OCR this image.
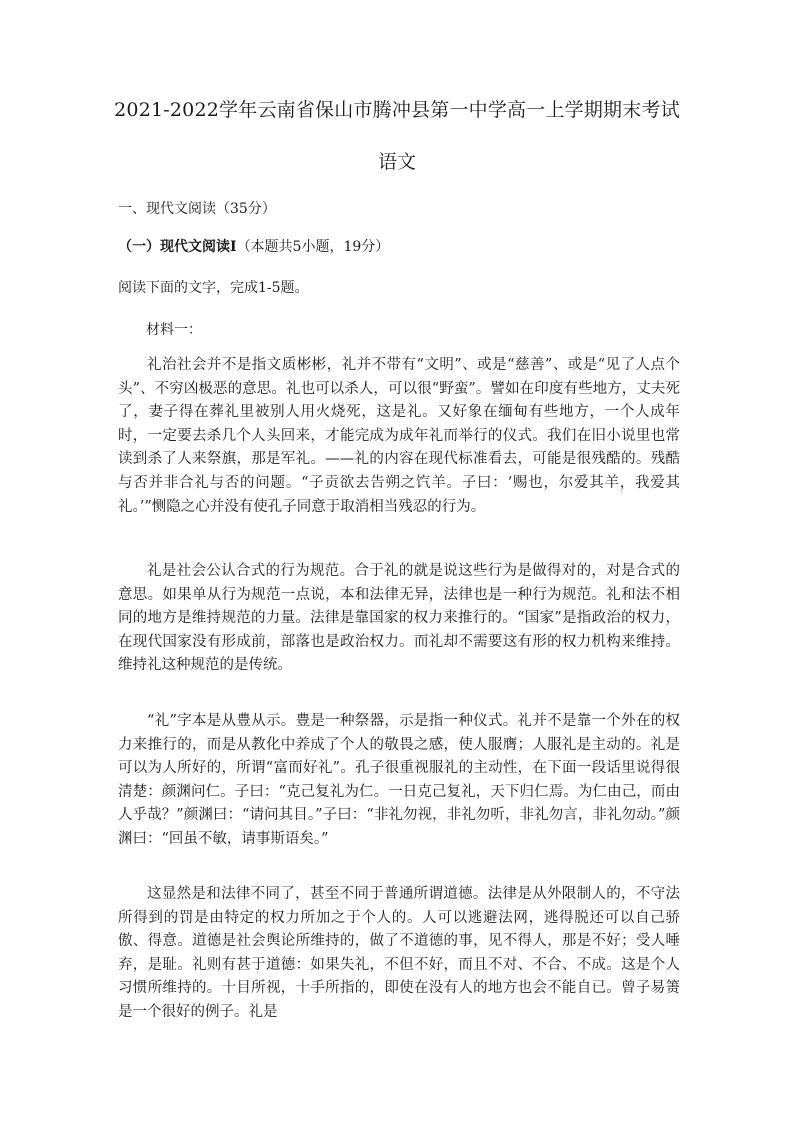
2021-2022学年云南省保山市腾冲县第一中学高一上学期期末考试
语文
一、现代文阅读（35分）
（一）现代文阅读Ⅰ（本题共5小题，19分）
阅读下面的文字，完成1-5题。
材料一：

礼治社会并不是指文质彬彬，礼并不带有“文明”、或是“慈善”、或是“见了人点个头”、不穷凶极恶的意思。礼也可以杀人，可以很“野蛮”。譬如在印度有些地方，丈夫死了，妻子得在葬礼里被别人用火烧死，这是礼。又好象在缅甸有些地方，一个人成年时，一定要去杀几个人头回来，才能完成为成年礼而举行的仪式。我们在旧小说里也常读到杀了人来祭旗，那是军礼。——礼的内容在现代标准看去，可能是很残酷的。残酷与否并非合礼与否的问题。“子贡欲去告朔之饩羊。子曰：‘赐也，尔爱其羊，我爱其礼。’”恻隐之心并没有使孔子同意于取消相当残忍的行为。

礼是社会公认合式的行为规范。合于礼的就是说这些行为是做得对的，对是合式的意思。如果单从行为规范一点说，本和法律无异，法律也是一种行为规范。礼和法不相同的地方是维持规范的力量。法律是靠国家的权力来推行的。“国家”是指政治的权力，在现代国家没有形成前，部落也是政治权力。而礼却不需要这有形的权力机构来维持。维持礼这种规范的是传统。

“礼”字本是从豊从示。豊是一种祭器，示是指一种仪式。礼并不是靠一个外在的权力来推行的，而是从教化中养成了个人的敬畏之感，使人服膺；人服礼是主动的。礼是可以为人所好的，所谓“富而好礼”。孔子很重视服礼的主动性，在下面一段话里说得很清楚：颜渊问仁。子曰：“克己复礼为仁。一日克己复礼，天下归仁焉。为仁由己，而由人乎哉？”颜渊曰：“请问其目。”子曰：“非礼勿视，非礼勿听，非礼勿言，非礼勿动。”颜渊曰：“回虽不敏，请事斯语矣。”

这显然是和法律不同了，甚至不同于普通所谓道德。法律是从外限制人的，不守法所得到的罚是由特定的权力所加之于个人的。人可以逃避法网，逃得脱还可以自己骄傲、得意。道德是社会舆论所维持的，做了不道德的事，见不得人，那是不好；受人唾弃，是耻。礼则有甚于道德：如果失礼，不但不好，而且不对、不合、不成。这是个人习惯所维持的。十目所视，十手所指的，即使在没有人的地方也会不能自已。曾子易箦是一个很好的例子。礼是
